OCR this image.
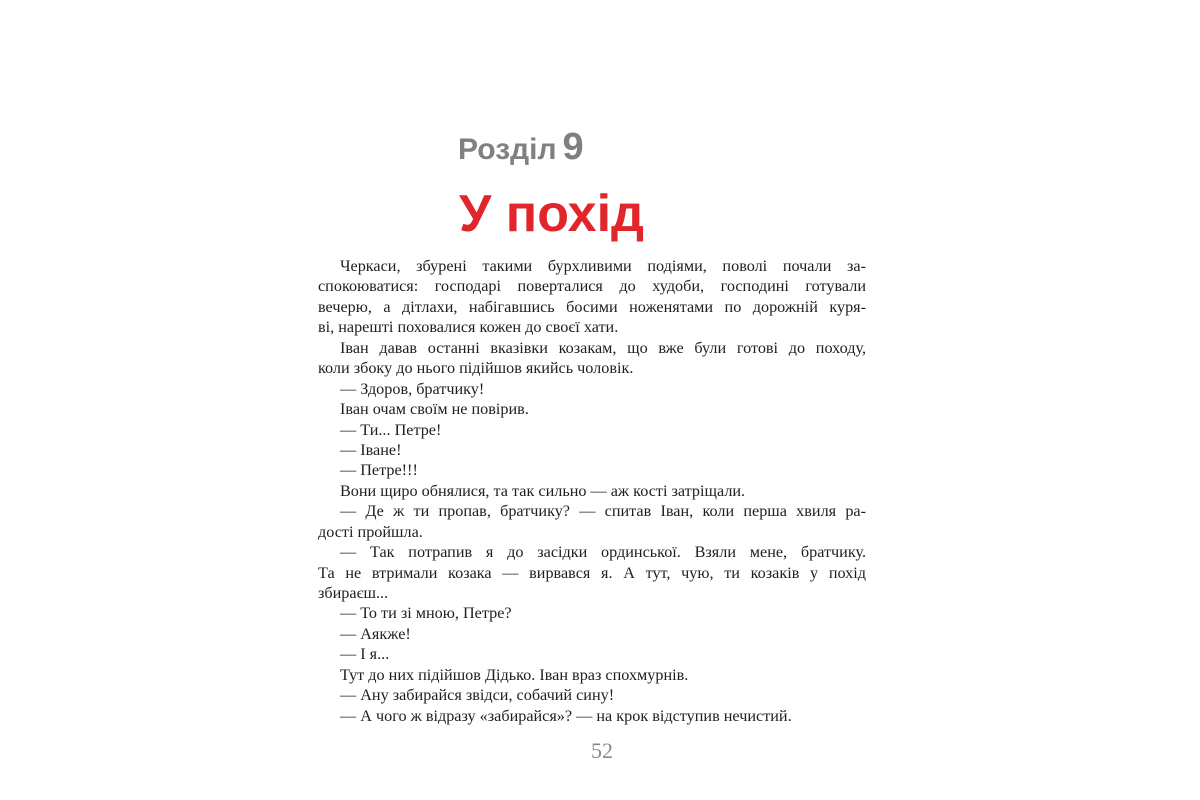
Розділ 9
У похід
Черкаси, збурені такими бурхливими подіями, поволі почали за-
спокоюватися: господарі поверталися до худоби, господині готували
вечерю, а дітлахи, набігавшись босими ноженятами по дорожній куря-
ві, нарешті поховалися кожен до своєї хати.
Іван давав останні вказівки козакам, що вже були готові до походу,
коли збоку до нього підійшов якийсь чоловік.
— Здоров, братчику!
Іван очам своїм не повірив.
— Ти... Петре!
— Іване!
— Петре!!!
Вони щиро обнялися, та так сильно — аж кості затріщали.
— Де ж ти пропав, братчику? — спитав Іван, коли перша хвиля ра-
дості пройшла.
— Так потрапив я до засідки ординської. Взяли мене, братчику.
Та не втримали козака — вирвався я. А тут, чую, ти козаків у похід
збираєш...
— То ти зі мною, Петре?
— Аякже!
— І я...
Тут до них підійшов Дідько. Іван враз спохмурнів.
— Ану забирайся звідси, собачий сину!
— А чого ж відразу «забирайся»? — на крок відступив нечистий.
52
